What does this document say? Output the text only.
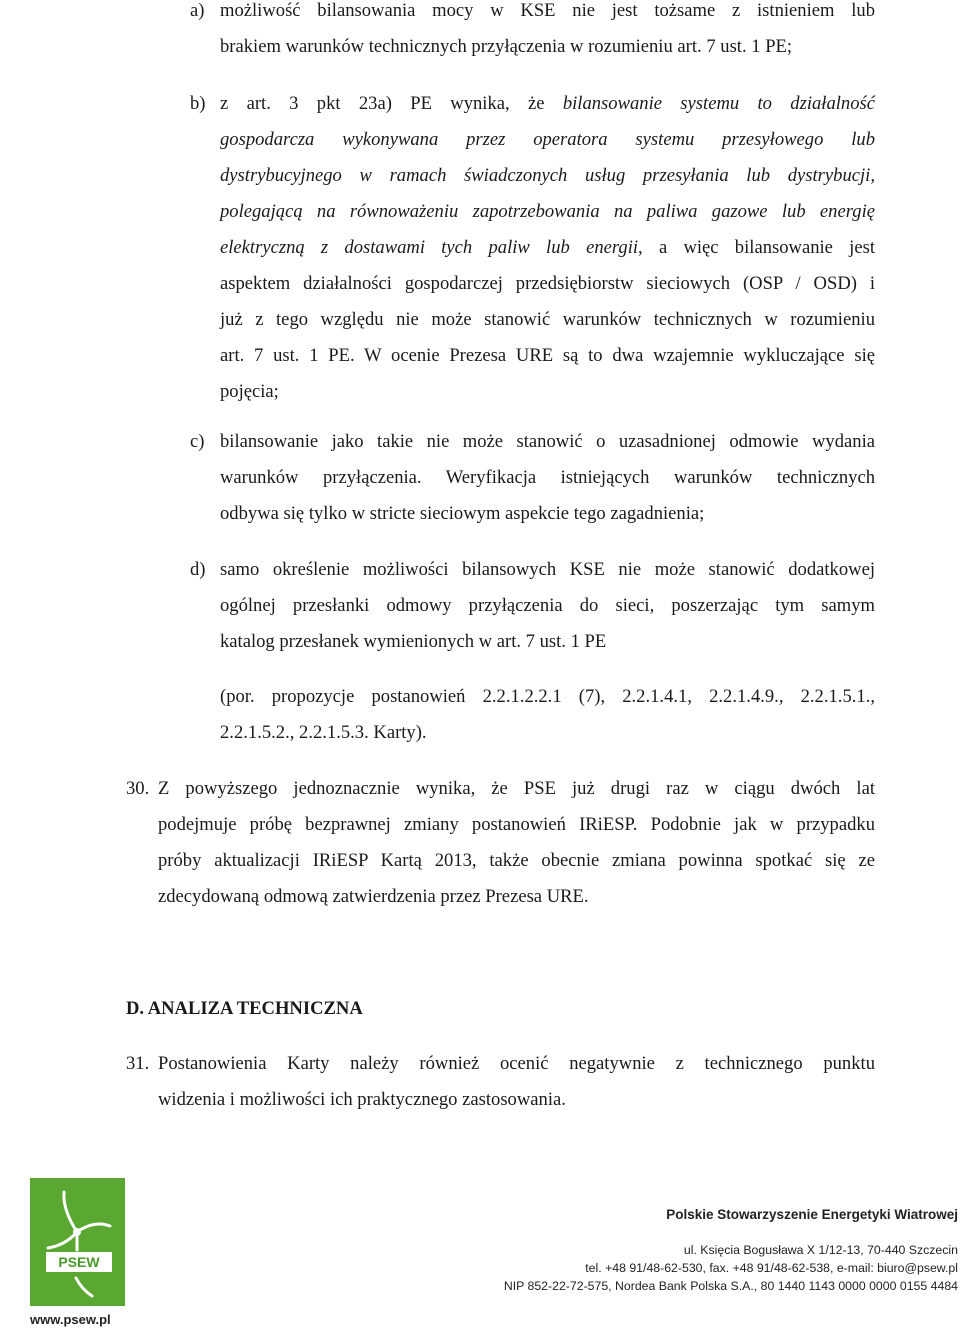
a) możliwość bilansowania mocy w KSE nie jest tożsame z istnieniem lub
brakiem warunków technicznych przyłączenia w rozumieniu art. 7 ust. 1 PE;
b) z art. 3 pkt 23a) PE wynika, że bilansowanie systemu to działalność
gospodarcza wykonywana przez operatora systemu przesyłowego lub
dystrybucyjnego w ramach świadczonych usług przesyłania lub dystrybucji,
polegającą na równoważeniu zapotrzebowania na paliwa gazowe lub energię
elektryczną z dostawami tych paliw lub energii, a więc bilansowanie jest
aspektem działalności gospodarczej przedsiębiorstw sieciowych (OSP / OSD) i
już z tego względu nie może stanowić warunków technicznych w rozumieniu
art. 7 ust. 1 PE. W ocenie Prezesa URE są to dwa wzajemnie wykluczające się
pojęcia;
c) bilansowanie jako takie nie może stanowić o uzasadnionej odmowie wydania
warunków przyłączenia. Weryfikacja istniejących warunków technicznych
odbywa się tylko w stricte sieciowym aspekcie tego zagadnienia;
d) samo określenie możliwości bilansowych KSE nie może stanowić dodatkowej
ogólnej przesłanki odmowy przyłączenia do sieci, poszerzając tym samym
katalog przesłanek wymienionych w art. 7 ust. 1 PE
(por. propozycje postanowień 2.2.1.2.2.1 (7), 2.2.1.4.1, 2.2.1.4.9., 2.2.1.5.1.,
2.2.1.5.2., 2.2.1.5.3. Karty).
30. Z powyższego jednoznacznie wynika, że PSE już drugi raz w ciągu dwóch lat
podejmuje próbę bezprawnej zmiany postanowień IRiESP. Podobnie jak w przypadku
próby aktualizacji IRiESP Kartą 2013, także obecnie zmiana powinna spotkać się ze
zdecydowaną odmową zatwierdzenia przez Prezesa URE.
D. ANALIZA TECHNICZNA
31. Postanowienia Karty należy również ocenić negatywnie z technicznego punktu
widzenia i możliwości ich praktycznego zastosowania.
PSEW
www.psew.pl
Polskie Stowarzyszenie Energetyki Wiatrowej
ul. Księcia Bogusława X 1/12-13, 70-440 Szczecin
tel. +48 91/48-62-530, fax. +48 91/48-62-538, e-mail: biuro@psew.pl
NIP 852-22-72-575, Nordea Bank Polska S.A., 80 1440 1143 0000 0000 0155 4484
